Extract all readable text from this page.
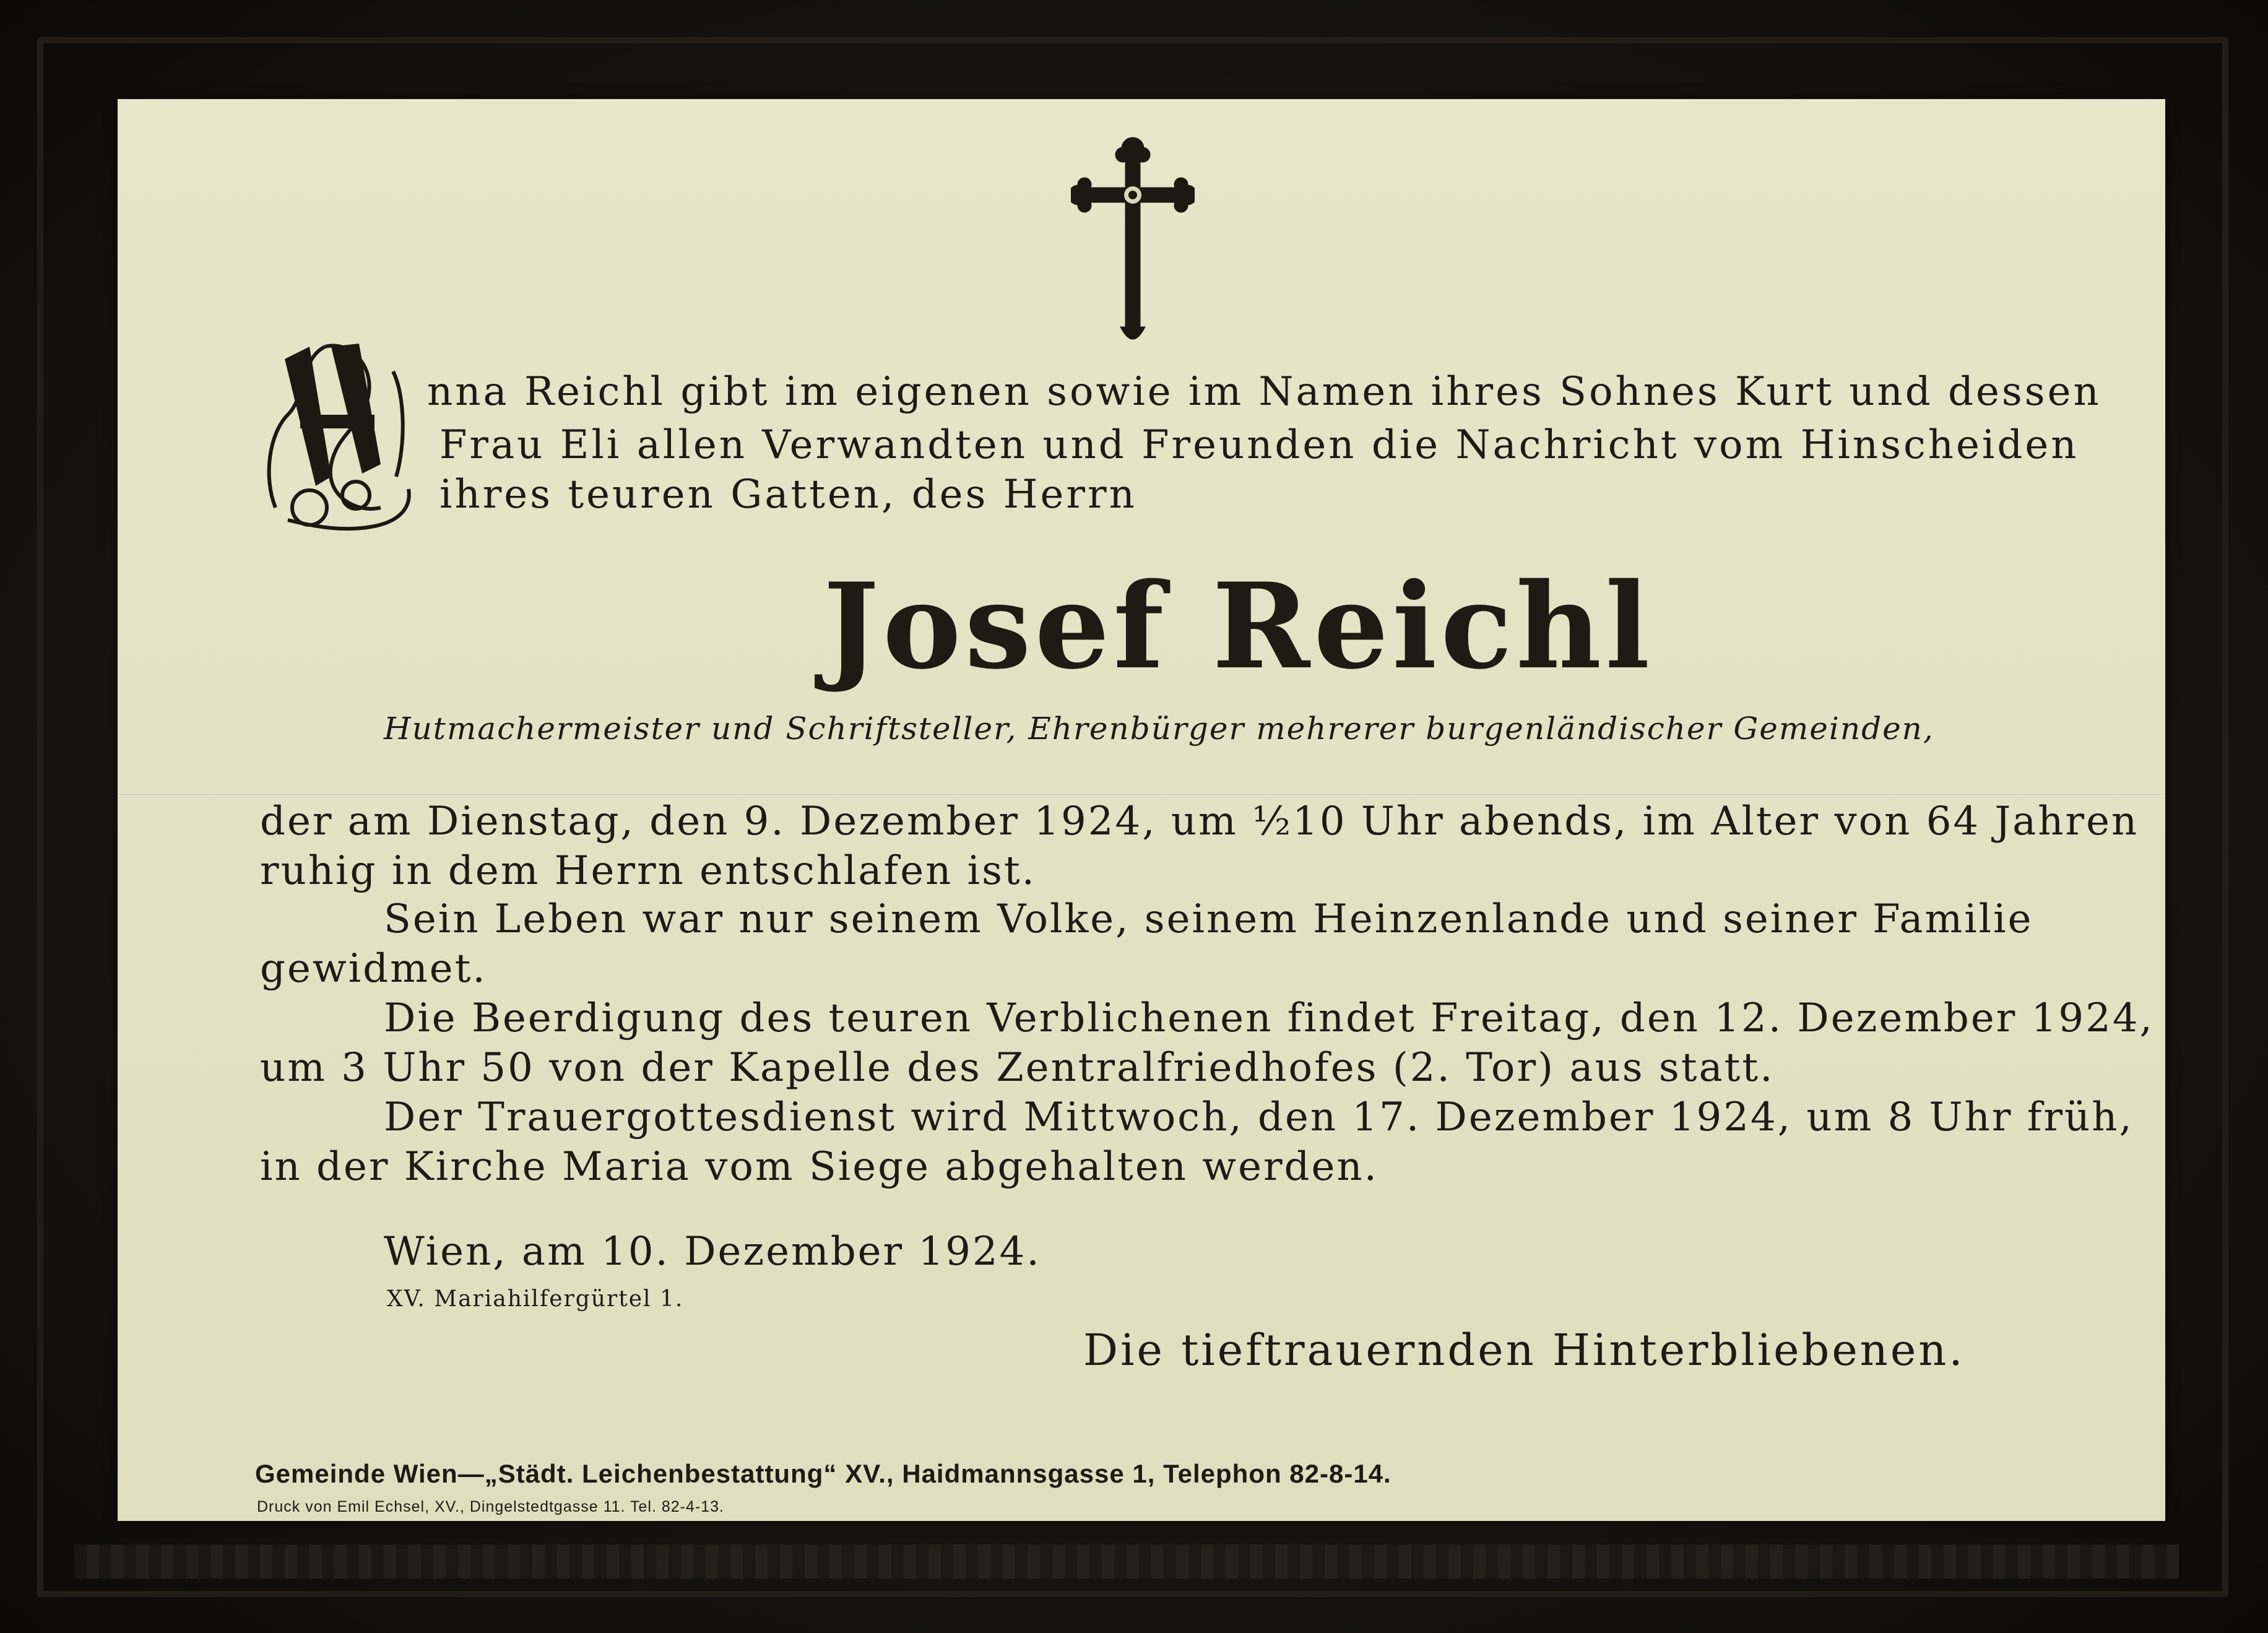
nna Reichl gibt im eigenen sowie im Namen ihres Sohnes Kurt und dessen
Frau Eli allen Verwandten und Freunden die Nachricht vom Hinscheiden
ihres teuren Gatten, des Herrn
Josef Reichl
Hutmachermeister und Schriftsteller, Ehrenbürger mehrerer burgenländischer Gemeinden,
der am Dienstag, den 9. Dezember 1924, um ½10 Uhr abends, im Alter von 64 Jahren
ruhig in dem Herrn entschlafen ist.
Sein Leben war nur seinem Volke, seinem Heinzenlande und seiner Familie
gewidmet.
Die Beerdigung des teuren Verblichenen findet Freitag, den 12. Dezember 1924,
um 3 Uhr 50 von der Kapelle des Zentralfriedhofes (2. Tor) aus statt.
Der Trauergottesdienst wird Mittwoch, den 17. Dezember 1924, um 8 Uhr früh,
in der Kirche Maria vom Siege abgehalten werden.
Wien, am 10. Dezember 1924.
XV. Mariahilfergürtel 1.
Die tieftrauernden Hinterbliebenen.
Gemeinde Wien—„Städt. Leichenbestattung“ XV., Haidmannsgasse 1, Telephon 82-8-14.
Druck von Emil Echsel, XV., Dingelstedtgasse 11. Tel. 82-4-13.
